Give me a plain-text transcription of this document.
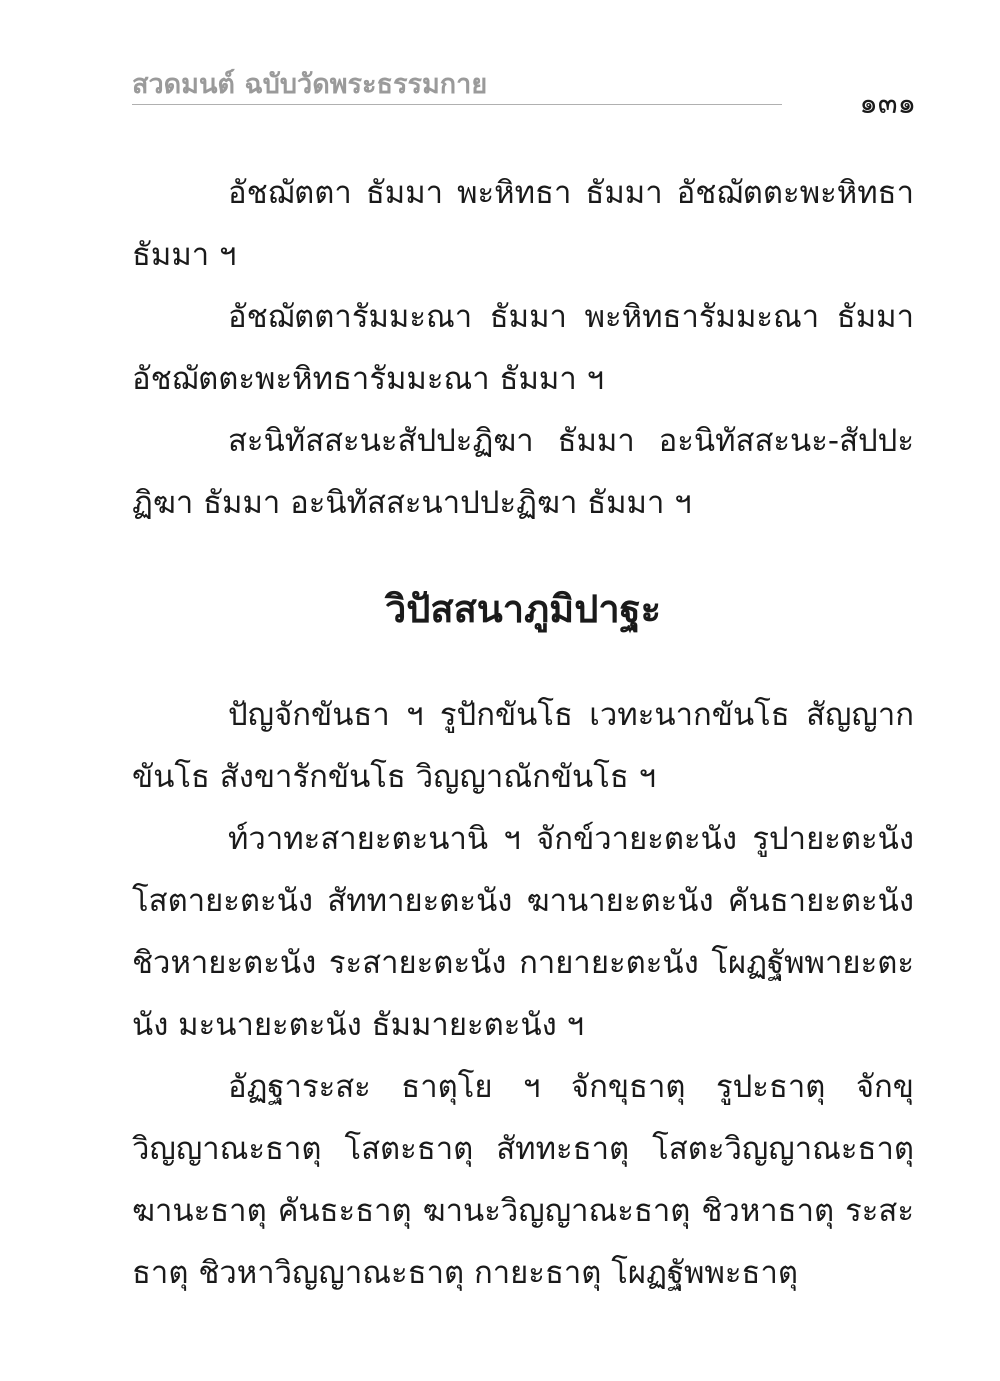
สวดมนต์ ฉบับวัดพระธรรมกาย
๑๓๑

อัชฌัตตา ธัมมา พะหิทธา ธัมมา อัชฌัตตะพะหิทธา ธัมมา ฯ

อัชฌัตตารัมมะณา ธัมมา พะหิทธารัมมะณา ธัมมา อัชฌัตตะพะหิทธารัมมะณา ธัมมา ฯ

สะนิทัสสะนะสัปปะฏิฆา ธัมมา อะนิทัสสะนะ-สัปปะฏิฆา ธัมมา อะนิทัสสะนาปปะฏิฆา ธัมมา ฯ

วิปัสสนาภูมิปาฐะ

ปัญจักขันธา ฯ รูปักขันโธ เวทะนากขันโธ สัญญากขันโธ สังขารักขันโธ วิญญาณักขันโธ ฯ

ท์วาทะสายะตะนานิ ฯ จักข์วายะตะนัง รูปายะตะนัง โสตายะตะนัง สัททายะตะนัง ฆานายะตะนัง คันธายะตะนัง ชิวหายะตะนัง ระสายะตะนัง กายายะตะนัง โผฏฐัพพายะตะนัง มะนายะตะนัง ธัมมายะตะนัง ฯ

อัฏฐาระสะ ธาตุโย ฯ จักขุธาตุ รูปะธาตุ จักขุวิญญาณะธาตุ โสตะธาตุ สัททะธาตุ โสตะวิญญาณะธาตุ ฆานะธาตุ คันธะธาตุ ฆานะวิญญาณะธาตุ ชิวหาธาตุ ระสะธาตุ ชิวหาวิญญาณะธาตุ กายะธาตุ โผฏฐัพพะธาตุ
